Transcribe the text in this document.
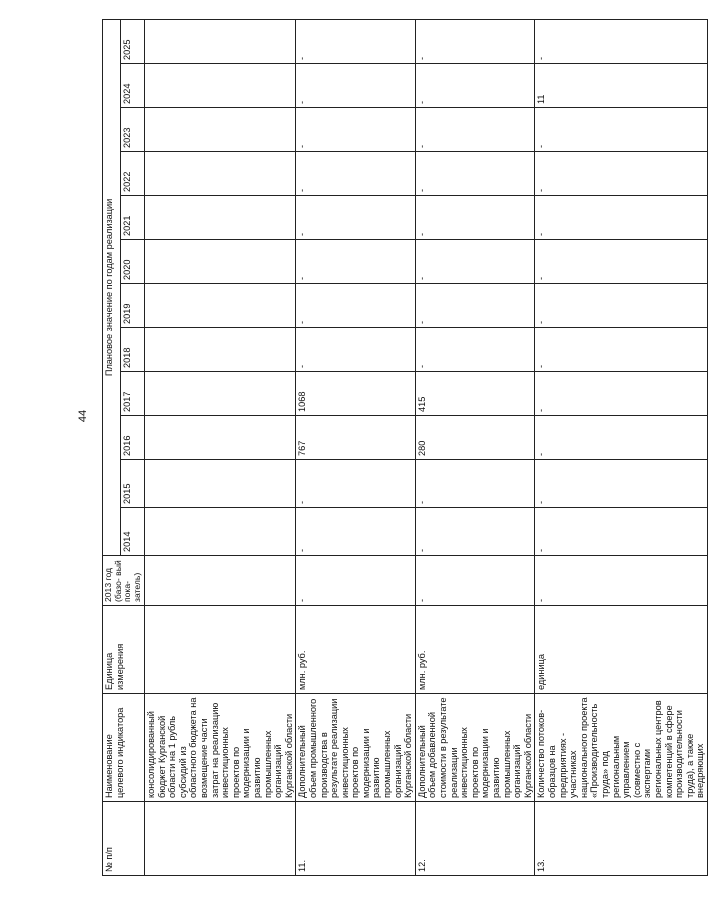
44
№ п/п	Наименование целевого индикатора	Единица измерения	2013 год (базо- вый пока- затель)	Плановое значение по годам реализации											
				2014	2015	2016	2017	2018	2019	2020	2021	2022	2023	2024	2025
	консолидированный бюджет Курганской области на 1 рубль субсидий из областного бюджета на возмещение части затрат на реализацию инвестиционных проектов по модернизации и развитию промышленных организаций Курганской области														
11.	Дополнительный объем промышленного производства в результате реализации инвестиционных проектов по модернизации и развитию промышленных организаций Курганской области	млн. руб.	-	-	-	767	1068	-	-	-	-	-	-	-	-
12.	Дополнительный объем добавленной стоимости в результате реализации инвестиционных проектов по модернизации и развитию промышленных организаций Курганской области	млн. руб.	-	-	-	280	415	-	-	-	-	-	-	-	-
13.	Количество потоков-образцов на предприятиях - участниках национального проекта «Производительность труда» под региональным управлением (совместно с экспертами региональных центров компетенций в сфере производительности труда), а также внедряющих	единица	-	-	-	-	-	-	-	-	-	-	-	11	-
